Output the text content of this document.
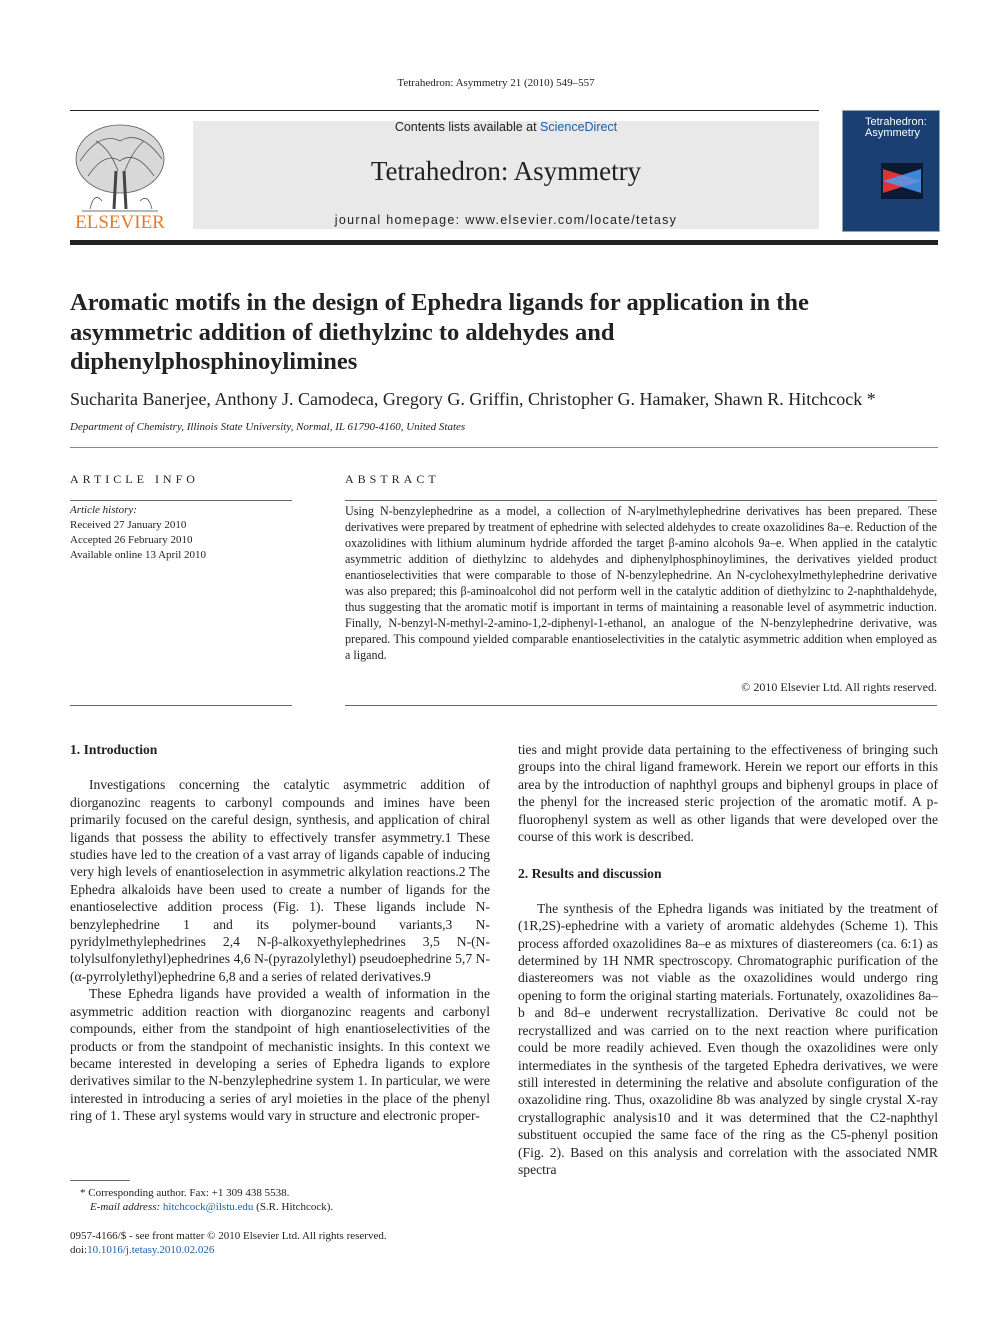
Tetrahedron: Asymmetry 21 (2010) 549–557
ELSEVIER
Contents lists available at ScienceDirect
Tetrahedron: Asymmetry
journal homepage: www.elsevier.com/locate/tetasy
Tetrahedron: Asymmetry
Aromatic motifs in the design of Ephedra ligands for application in the asymmetric addition of diethylzinc to aldehydes and diphenylphosphinoylimines
Sucharita Banerjee, Anthony J. Camodeca, Gregory G. Griffin, Christopher G. Hamaker, Shawn R. Hitchcock *
Department of Chemistry, Illinois State University, Normal, IL 61790-4160, United States
ARTICLE INFO
Article history:
Received 27 January 2010
Accepted 26 February 2010
Available online 13 April 2010
ABSTRACT
Using N-benzylephedrine as a model, a collection of N-arylmethylephedrine derivatives has been prepared. These derivatives were prepared by treatment of ephedrine with selected aldehydes to create oxazolidines 8a–e. Reduction of the oxazolidines with lithium aluminum hydride afforded the target β-amino alcohols 9a–e. When applied in the catalytic asymmetric addition of diethylzinc to aldehydes and diphenylphosphinoylimines, the derivatives yielded product enantioselectivities that were comparable to those of N-benzylephedrine. An N-cyclohexylmethylephedrine derivative was also prepared; this β-aminoalcohol did not perform well in the catalytic addition of diethylzinc to 2-naphthaldehyde, thus suggesting that the aromatic motif is important in terms of maintaining a reasonable level of asymmetric induction. Finally, N-benzyl-N-methyl-2-amino-1,2-diphenyl-1-ethanol, an analogue of the N-benzylephedrine derivative, was prepared. This compound yielded comparable enantioselectivities in the catalytic asymmetric addition when employed as a ligand.
© 2010 Elsevier Ltd. All rights reserved.
1. Introduction

Investigations concerning the catalytic asymmetric addition of diorganozinc reagents to carbonyl compounds and imines have been primarily focused on the careful design, synthesis, and application of chiral ligands that possess the ability to effectively transfer asymmetry.1 These studies have led to the creation of a vast array of ligands capable of inducing very high levels of enantioselection in asymmetric alkylation reactions.2 The Ephedra alkaloids have been used to create a number of ligands for the enantioselective addition process (Fig. 1). These ligands include N-benzylephedrine 1 and its polymer-bound variants,3 N-pyridylmethylephedrines 2,4 N-β-alkoxyethylephedrines 3,5 N-(N-tolylsulfonylethyl)ephedrines 4,6 N-(pyrazolylethyl) pseudoephedrine 5,7 N-(α-pyrrolylethyl)ephedrine 6,8 and a series of related derivatives.9

These Ephedra ligands have provided a wealth of information in the asymmetric addition reaction with diorganozinc reagents and carbonyl compounds, either from the standpoint of high enantioselectivities of the products or from the standpoint of mechanistic insights. In this context we became interested in developing a series of Ephedra ligands to explore derivatives similar to the N-benzylephedrine system 1. In particular, we were interested in introducing a series of aryl moieties in the place of the phenyl ring of 1. These aryl systems would vary in structure and electronic proper-

ties and might provide data pertaining to the effectiveness of bringing such groups into the chiral ligand framework. Herein we report our efforts in this area by the introduction of naphthyl groups and biphenyl groups in place of the phenyl for the increased steric projection of the aromatic motif. A p-fluorophenyl system as well as other ligands that were developed over the course of this work is described.

2. Results and discussion

The synthesis of the Ephedra ligands was initiated by the treatment of (1R,2S)-ephedrine with a variety of aromatic aldehydes (Scheme 1). This process afforded oxazolidines 8a–e as mixtures of diastereomers (ca. 6:1) as determined by 1H NMR spectroscopy. Chromatographic purification of the diastereomers was not viable as the oxazolidines would undergo ring opening to form the original starting materials. Fortunately, oxazolidines 8a–b and 8d–e underwent recrystallization. Derivative 8c could not be recrystallized and was carried on to the next reaction where purification could be more readily achieved. Even though the oxazolidines were only intermediates in the synthesis of the targeted Ephedra derivatives, we were still interested in determining the relative and absolute configuration of the oxazolidine ring. Thus, oxazolidine 8b was analyzed by single crystal X-ray crystallographic analysis10 and it was determined that the C2-naphthyl substituent occupied the same face of the ring as the C5-phenyl position (Fig. 2). Based on this analysis and correlation with the associated NMR spectra

* Corresponding author. Fax: +1 309 438 5538.
E-mail address: hitchcock@ilstu.edu (S.R. Hitchcock).
0957-4166/$ - see front matter © 2010 Elsevier Ltd. All rights reserved.
doi:10.1016/j.tetasy.2010.02.026
